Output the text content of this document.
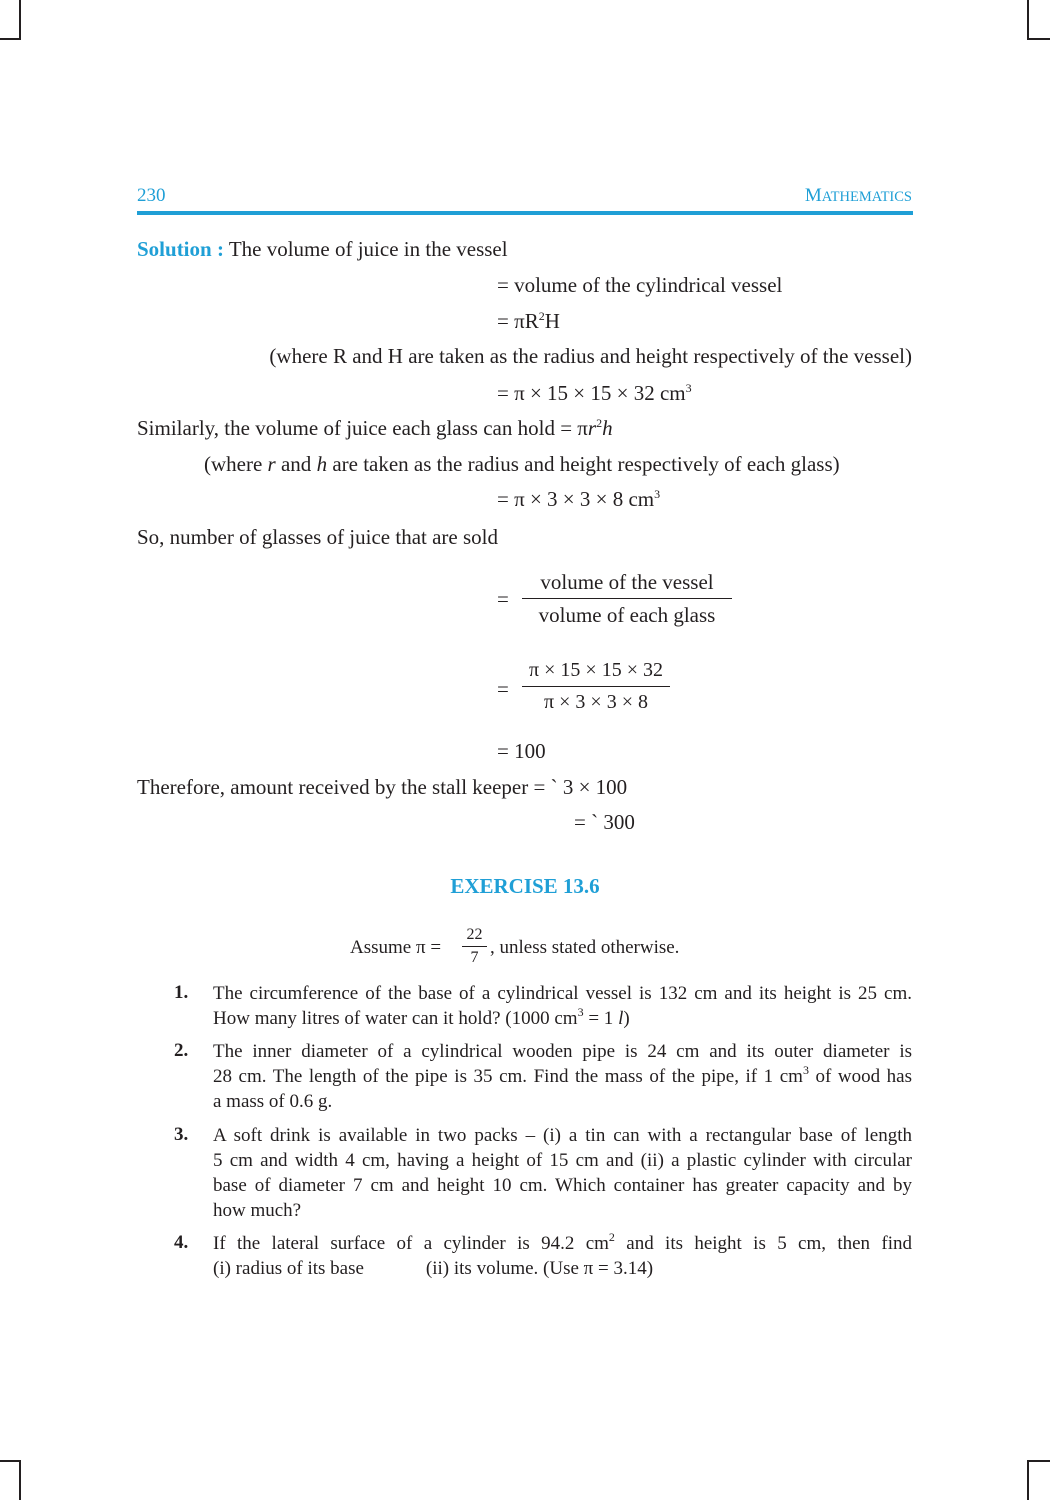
230	MATHEMATICS
Solution : The volume of juice in the vessel
= volume of the cylindrical vessel
= $\pi R^2H$
(where R and H are taken as the radius and height respectively of the vessel)
= π × 15 × 15 × 32 $cm^3$
Similarly, the volume of juice each glass can hold = $\pi r^2h$
(where r and h are taken as the radius and height respectively of each glass)
= π × 3 × 3 × 8 $cm^3$
So, number of glasses of juice that are sold
=
volume of the vessel
volume of each glass
=
π × 15 × 15 × 32
π × 3 × 3 × 8
= 100
Therefore, amount received by the stall keeper = ` 3 × 100
= ` 300
EXERCISE 13.6
Assume π =
22
7 , unless stated otherwise.
1. The circumference of the base of a cylindrical vessel is 132 cm and its height is 25 cm.
How many litres of water can it hold? (1000 $cm^3 = 1$ l)
2. The inner diameter of a cylindrical wooden pipe is 24 cm and its outer diameter is
28 cm. The length of the pipe is 35 cm. Find the mass of the pipe, if 1 $cm^3$ of wood has
a mass of 0.6 g.
3. A soft drink is available in two packs – (i) a tin can with a rectangular base of length
5 cm and width 4 cm, having a height of 15 cm and (ii) a plastic cylinder with circular
base of diameter 7 cm and height 10 cm. Which container has greater capacity and by
how much?
4. If the lateral surface of a cylinder is 94.2 $cm^2$ and its height is 5 cm, then find
(i) radius of its base	(ii) its volume. (Use π = 3.14)
